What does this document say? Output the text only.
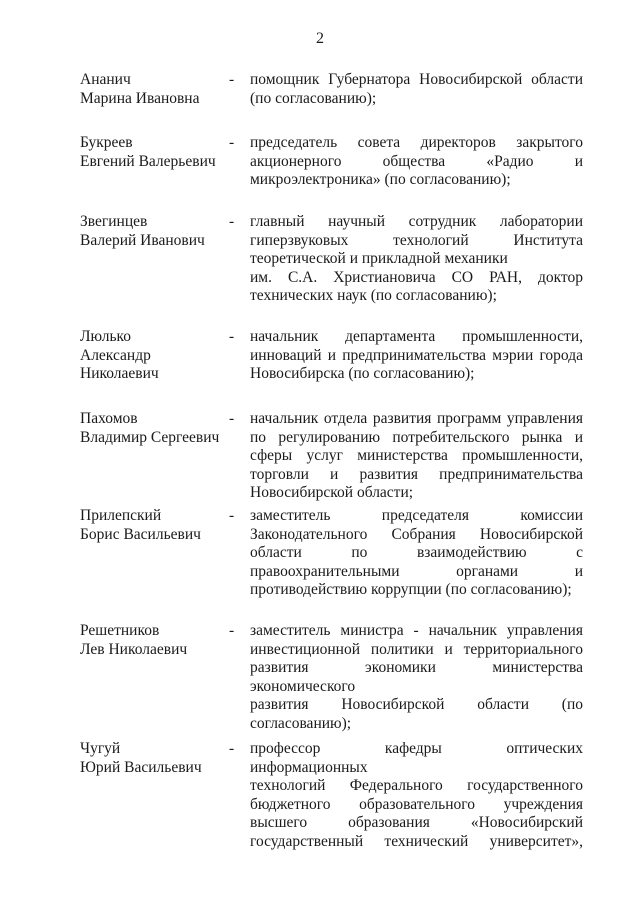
2
Ананич
Марина Ивановна
- помощник Губернатора Новосибирской области
(по согласованию);
Букреев
Евгений Валерьевич
- председатель совета директоров закрытого
акционерного общества «Радио и
микроэлектроника» (по согласованию);
Звегинцев
Валерий Иванович
- главный научный сотрудник лаборатории
гиперзвуковых технологий Института
теоретической и прикладной механики
им. С.А. Христиановича СО РАН, доктор
технических наук (по согласованию);
Люлько
Александр
Николаевич
- начальник департамента промышленности,
инноваций и предпринимательства мэрии города
Новосибирска (по согласованию);
Пахомов
Владимир Сергеевич
- начальник отдела развития программ управления
по регулированию потребительского рынка и
сферы услуг министерства промышленности,
торговли и развития предпринимательства
Новосибирской области;
Прилепский
Борис Васильевич
- заместитель председателя комиссии
Законодательного Собрания Новосибирской
области по взаимодействию с
правоохранительными органами и
противодействию коррупции (по согласованию);
Решетников
Лев Николаевич
- заместитель министра - начальник управления
инвестиционной политики и территориального
развития экономики министерства экономического
развития Новосибирской области (по
согласованию);
Чугуй
Юрий Васильевич
- профессор кафедры оптических информационных
технологий Федерального государственного
бюджетного образовательного учреждения
высшего образования «Новосибирский
государственный технический университет»,
